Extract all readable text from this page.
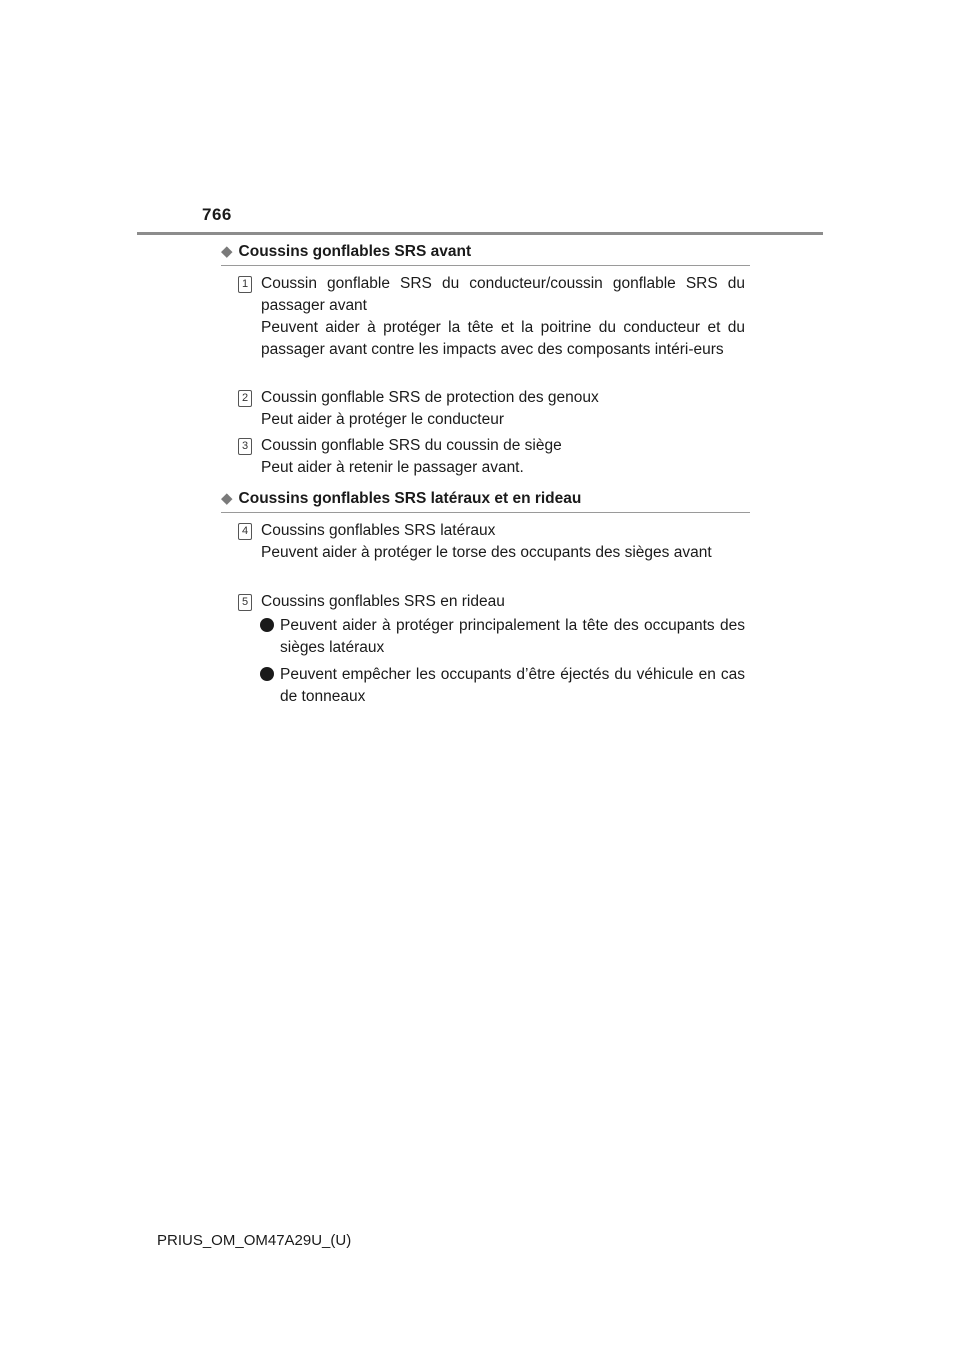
766
◆ Coussins gonflables SRS avant
1 Coussin gonflable SRS du conducteur/coussin gonflable SRS du passager avant

Peuvent aider à protéger la tête et la poitrine du conducteur et du passager avant contre les impacts avec des composants intéri-eurs

2 Coussin gonflable SRS de protection des genoux

Peut aider à protéger le conducteur

3 Coussin gonflable SRS du coussin de siège

Peut aider à retenir le passager avant.

◆ Coussins gonflables SRS latéraux et en rideau
4 Coussins gonflables SRS latéraux

Peuvent aider à protéger le torse des occupants des sièges avant

5 Coussins gonflables SRS en rideau

Peuvent aider à protéger principalement la tête des occupants des sièges latéraux
Peuvent empêcher les occupants d’être éjectés du véhicule en cas de tonneaux
PRIUS_OM_OM47A29U_(U)
